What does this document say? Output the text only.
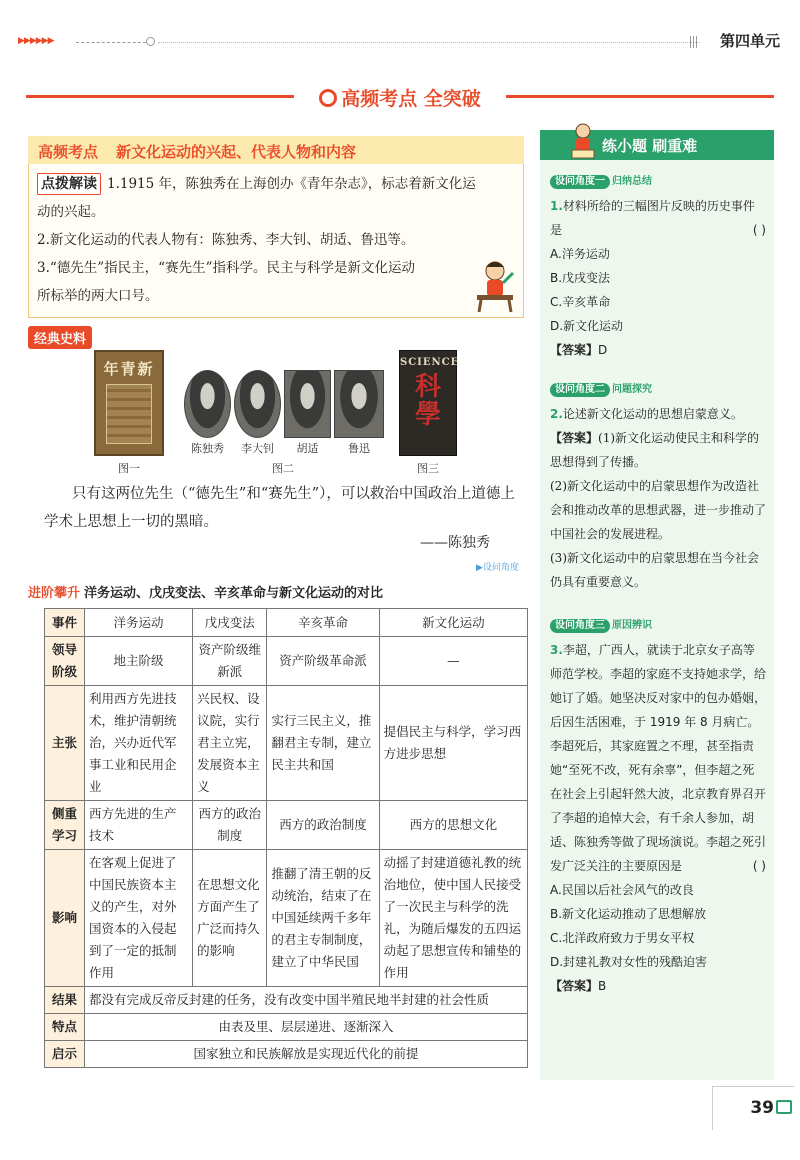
▶▶▶▶▶▶	第四单元
高频考点 全突破
高频考点 新文化运动的兴起、代表人物和内容
点拨解读 1.1915 年，陈独秀在上海创办《青年杂志》，标志着新文化运
动的兴起。
2.新文化运动的代表人物有：陈独秀、李大钊、胡适、鲁迅等。
3.“德先生”指民主，“赛先生”指科学。民主与科学是新文化运动
所标举的两大口号。
经典史料
年青新	SCIENCE
科學
陈独秀	李大钊	胡适	鲁迅
图一	图二	图三
只有这两位先生（“德先生”和“赛先生”），可以救治中国政治上道德上学术上思想上一切的黑暗。
——陈独秀
▶设问角度
进阶攀升 洋务运动、戊戌变法、辛亥革命与新文化运动的对比
事件	洋务运动	戊戌变法	辛亥革命	新文化运动
领导阶级	地主阶级	资产阶级维新派	资产阶级革命派	—
主张	利用西方先进技术，维护清朝统治，兴办近代军事工业和民用企业	兴民权、设议院，实行君主立宪，发展资本主义	实行三民主义，推翻君主专制，建立民主共和国	提倡民主与科学，学习西方进步思想
侧重学习	西方先进的生产技术	西方的政治制度	西方的政治制度	西方的思想文化
影响	在客观上促进了中国民族资本主义的产生，对外国资本的入侵起到了一定的抵制作用	在思想文化方面产生了广泛而持久的影响	推翻了清王朝的反动统治，结束了在中国延续两千多年的君主专制制度，建立了中华民国	动摇了封建道德礼教的统治地位，使中国人民接受了一次民主与科学的洗礼，为随后爆发的五四运动起了思想宣传和铺垫的作用
结果	都没有完成反帝反封建的任务，没有改变中国半殖民地半封建的社会性质			
特点	由表及里、层层递进、逐渐深入			
启示	国家独立和民族解放是实现近代化的前提			
练小题 刷重难
设问角度一 归纳总结
1.材料所给的三幅图片反映的历史事件是	( )
A.洋务运动
B.戊戌变法
C.辛亥革命
D.新文化运动
【答案】D
设问角度二 问题探究
2.论述新文化运动的思想启蒙意义。
【答案】(1)新文化运动使民主和科学的思想得到了传播。
(2)新文化运动中的启蒙思想作为改造社会和推动改革的思想武器，进一步推动了中国社会的发展进程。
(3)新文化运动中的启蒙思想在当今社会仍具有重要意义。
设问角度三 原因辨识
3.李超，广西人，就读于北京女子高等师范学校。李超的家庭不支持她求学，给她订了婚。她坚决反对家中的包办婚姻，后因生活困难，于 1919 年 8 月病亡。李超死后，其家庭置之不理，甚至指责她“至死不改，死有余辜”，但李超之死在社会上引起轩然大波，北京教育界召开了李超的追悼大会，有千余人参加，胡适、陈独秀等做了现场演说。李超之死引发广泛关注的主要原因是	( )
A.民国以后社会风气的改良
B.新文化运动推动了思想解放
C.北洋政府致力于男女平权
D.封建礼教对女性的残酷迫害
【答案】B
39
